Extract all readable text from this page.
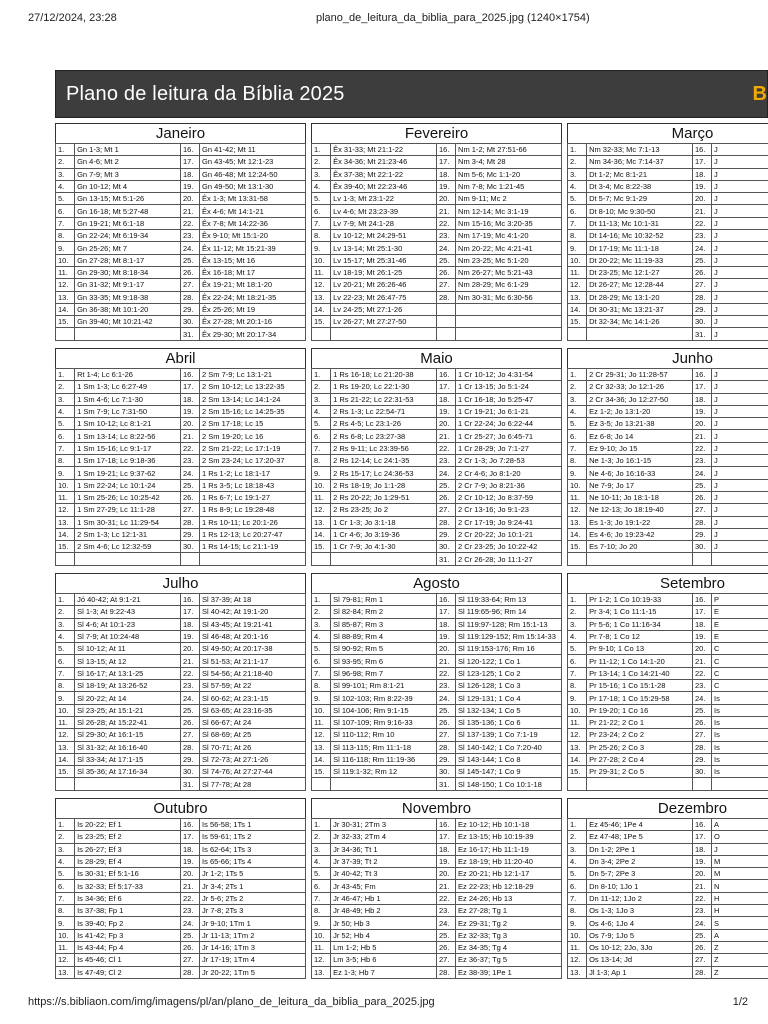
27/12/2024, 23:28	plano_de_leitura_da_biblia_para_2025.jpg (1240×1754)
Plano de leitura da Bíblia 2025	B
Janeiro
1.	Gn 1-3; Mt 1	16.	Gn 41-42; Mt 11
2.	Gn 4-6; Mt 2	17.	Gn 43-45; Mt 12:1-23
3.	Gn 7-9; Mt 3	18.	Gn 46-48; Mt 12:24-50
4.	Gn 10-12; Mt 4	19.	Gn 49-50; Mt 13:1-30
5.	Gn 13-15; Mt 5:1-26	20.	Êx 1-3; Mt 13:31-58
6.	Gn 16-18; Mt 5:27-48	21.	Êx 4-6; Mt 14:1-21
7.	Gn 19-21; Mt 6:1-18	22.	Êx 7-8; Mt 14:22-36
8.	Gn 22-24; Mt 6:19-34	23.	Êx 9-10; Mt 15:1-20
9.	Gn 25-26; Mt 7	24.	Êx 11-12; Mt 15:21-39
10.	Gn 27-28; Mt 8:1-17	25.	Êx 13-15; Mt 16
11.	Gn 29-30; Mt 8:18-34	26.	Êx 16-18; Mt 17
12.	Gn 31-32; Mt 9:1-17	27.	Êx 19-21; Mt 18:1-20
13.	Gn 33-35; Mt 9:18-38	28.	Êx 22-24; Mt 18:21-35
14.	Gn 36-38; Mt 10:1-20	29.	Êx 25-26; Mt 19
15.	Gn 39-40; Mt 10:21-42	30.	Êx 27-28; Mt 20:1-16
		31.	Êx 29-30; Mt 20:17-34
Fevereiro
1.	Êx 31-33; Mt 21:1-22	16.	Nm 1-2; Mt 27:51-66
2.	Êx 34-36; Mt 21:23-46	17.	Nm 3-4; Mt 28
3.	Êx 37-38; Mt 22:1-22	18.	Nm 5-6; Mc 1:1-20
4.	Êx 39-40; Mt 22:23-46	19.	Nm 7-8; Mc 1:21-45
5.	Lv 1-3; Mt 23:1-22	20.	Nm 9-11; Mc 2
6.	Lv 4-6; Mt 23:23-39	21.	Nm 12-14; Mc 3:1-19
7.	Lv 7-9; Mt 24:1-28	22.	Nm 15-16; Mc 3:20-35
8.	Lv 10-12; Mt 24:29-51	23.	Nm 17-19; Mc 4:1-20
9.	Lv 13-14; Mt 25:1-30	24.	Nm 20-22; Mc 4:21-41
10.	Lv 15-17; Mt 25:31-46	25.	Nm 23-25; Mc 5:1-20
11.	Lv 18-19; Mt 26:1-25	26.	Nm 26-27; Mc 5:21-43
12.	Lv 20-21; Mt 26:26-46	27.	Nm 28-29; Mc 6:1-29
13.	Lv 22-23; Mt 26:47-75	28.	Nm 30-31; Mc 6:30-56
14.	Lv 24-25; Mt 27:1-26		
15.	Lv 26-27; Mt 27:27-50		

Março
1.	Nm 32-33; Mc 7:1-13	16.	J
2.	Nm 34-36; Mc 7:14-37	17.	J
3.	Dt 1-2; Mc 8:1-21	18.	J
4.	Dt 3-4; Mc 8:22-38	19.	J
5.	Dt 5-7; Mc 9:1-29	20.	J
6.	Dt 8-10; Mc 9:30-50	21.	J
7.	Dt 11-13; Mc 10:1-31	22.	J
8.	Dt 14-16; Mc 10:32-52	23.	J
9.	Dt 17-19; Mc 11:1-18	24.	J
10.	Dt 20-22; Mc 11:19-33	25.	J
11.	Dt 23-25; Mc 12:1-27	26.	J
12.	Dt 26-27; Mc 12:28-44	27.	J
13.	Dt 28-29; Mc 13:1-20	28.	J
14.	Dt 30-31; Mc 13:21-37	29.	J
15.	Dt 32-34; Mc 14:1-26	30.	J
		31.	J
Abril
1.	Rt 1-4; Lc 6:1-26	16.	2 Sm 7-9; Lc 13:1-21
2.	1 Sm 1-3; Lc 6:27-49	17.	2 Sm 10-12; Lc 13:22-35
3.	1 Sm 4-6; Lc 7:1-30	18.	2 Sm 13-14; Lc 14:1-24
4.	1 Sm 7-9; Lc 7:31-50	19.	2 Sm 15-16; Lc 14:25-35
5.	1 Sm 10-12; Lc 8:1-21	20.	2 Sm 17-18; Lc 15
6.	1 Sm 13-14; Lc 8:22-56	21.	2 Sm 19-20; Lc 16
7.	1 Sm 15-16; Lc 9:1-17	22.	2 Sm 21-22; Lc 17:1-19
8.	1 Sm 17-18; Lc 9:18-36	23.	2 Sm 23-24; Lc 17:20-37
9.	1 Sm 19-21; Lc 9:37-62	24.	1 Rs 1-2; Lc 18:1-17
10.	1 Sm 22-24; Lc 10:1-24	25.	1 Rs 3-5; Lc 18:18-43
11.	1 Sm 25-26; Lc 10:25-42	26.	1 Rs 6-7; Lc 19:1-27
12.	1 Sm 27-29; Lc 11:1-28	27.	1 Rs 8-9; Lc 19:28-48
13.	1 Sm 30-31; Lc 11:29-54	28.	1 Rs 10-11; Lc 20:1-26
14.	2 Sm 1-3; Lc 12:1-31	29.	1 Rs 12-13; Lc 20:27-47
15.	2 Sm 4-6; Lc 12:32-59	30.	1 Rs 14-15; Lc 21:1-19

Maio
1.	1 Rs 16-18; Lc 21:20-38	16.	1 Cr 10-12; Jo 4:31-54
2.	1 Rs 19-20; Lc 22:1-30	17.	1 Cr 13-15; Jo 5:1-24
3.	1 Rs 21-22; Lc 22:31-53	18.	1 Cr 16-18; Jo 5:25-47
4.	2 Rs 1-3; Lc 22:54-71	19.	1 Cr 19-21; Jo 6:1-21
5.	2 Rs 4-5; Lc 23:1-26	20.	1 Cr 22-24; Jo 6:22-44
6.	2 Rs 6-8; Lc 23:27-38	21.	1 Cr 25-27; Jo 6:45-71
7.	2 Rs 9-11; Lc 23:39-56	22.	1 Cr 28-29; Jo 7:1-27
8.	2 Rs 12-14; Lc 24:1-35	23.	2 Cr 1-3; Jo 7:28-53
9.	2 Rs 15-17; Lc 24:36-53	24.	2 Cr 4-6; Jo 8:1-20
10.	2 Rs 18-19; Jo 1:1-28	25.	2 Cr 7-9; Jo 8:21-36
11.	2 Rs 20-22; Jo 1:29-51	26.	2 Cr 10-12; Jo 8:37-59
12.	2 Rs 23-25; Jo 2	27.	2 Cr 13-16; Jo 9:1-23
13.	1 Cr 1-3; Jo 3:1-18	28.	2 Cr 17-19; Jo 9:24-41
14.	1 Cr 4-6; Jo 3:19-36	29.	2 Cr 20-22; Jo 10:1-21
15.	1 Cr 7-9; Jo 4:1-30	30.	2 Cr 23-25; Jo 10:22-42
		31.	2 Cr 26-28; Jo 11:1-27
Junho
1.	2 Cr 29-31; Jo 11:28-57	16.	J
2.	2 Cr 32-33; Jo 12:1-26	17.	J
3.	2 Cr 34-36; Jo 12:27-50	18.	J
4.	Ez 1-2; Jo 13:1-20	19.	J
5.	Ez 3-5; Jo 13:21-38	20.	J
6.	Ez 6-8; Jo 14	21.	J
7.	Ez 9-10; Jo 15	22.	J
8.	Ne 1-3; Jo 16:1-15	23.	J
9.	Ne 4-6; Jo 16:16-33	24.	J
10.	Ne 7-9; Jo 17	25.	J
11.	Ne 10-11; Jo 18:1-18	26.	J
12.	Ne 12-13; Jo 18:19-40	27.	J
13.	Es 1-3; Jo 19:1-22	28.	J
14.	Es 4-6; Jo 19:23-42	29.	J
15.	Es 7-10; Jo 20	30.	J

Julho
1.	Jó 40-42; At 9:1-21	16.	Sl 37-39; At 18
2.	Sl 1-3; At 9:22-43	17.	Sl 40-42; At 19:1-20
3.	Sl 4-6; At 10:1-23	18.	Sl 43-45; At 19:21-41
4.	Sl 7-9; At 10:24-48	19.	Sl 46-48; At 20:1-16
5.	Sl 10-12; At 11	20.	Sl 49-50; At 20:17-38
6.	Sl 13-15; At 12	21.	Sl 51-53; At 21:1-17
7.	Sl 16-17; At 13:1-25	22.	Sl 54-56; At 21:18-40
8.	Sl 18-19; At 13:26-52	23.	Sl 57-59; At 22
9.	Sl 20-22; At 14	24.	Sl 60-62; At 23:1-15
10.	Sl 23-25; At 15:1-21	25.	Sl 63-65; At 23:16-35
11.	Sl 26-28; At 15:22-41	26.	Sl 66-67; At 24
12.	Sl 29-30; At 16:1-15	27.	Sl 68-69; At 25
13.	Sl 31-32; At 16:16-40	28.	Sl 70-71; At 26
14.	Sl 33-34; At 17:1-15	29.	Sl 72-73; At 27:1-26
15.	Sl 35-36; At 17:16-34	30.	Sl 74-76; At 27:27-44
		31.	Sl 77-78; At 28
Agosto
1.	Sl 79-81; Rm 1	16.	Sl 119:33-64; Rm 13
2.	Sl 82-84; Rm 2	17.	Sl 119:65-96; Rm 14
3.	Sl 85-87; Rm 3	18.	Sl 119:97-128; Rm 15:1-13
4.	Sl 88-89; Rm 4	19.	Sl 119:129-152; Rm 15:14-33
5.	Sl 90-92; Rm 5	20.	Sl 119:153-176; Rm 16
6.	Sl 93-95; Rm 6	21.	Sl 120-122; 1 Co 1
7.	Sl 96-98; Rm 7	22.	Sl 123-125; 1 Co 2
8.	Sl 99-101; Rm 8:1-21	23.	Sl 126-128; 1 Co 3
9.	Sl 102-103; Rm 8:22-39	24.	Sl 129-131; 1 Co 4
10.	Sl 104-106; Rm 9:1-15	25.	Sl 132-134; 1 Co 5
11.	Sl 107-109; Rm 9:16-33	26.	Sl 135-136; 1 Co 6
12.	Sl 110-112; Rm 10	27.	Sl 137-139; 1 Co 7:1-19
13.	Sl 113-115; Rm 11:1-18	28.	Sl 140-142; 1 Co 7:20-40
14.	Sl 116-118; Rm 11:19-36	29.	Sl 143-144; 1 Co 8
15.	Sl 119:1-32; Rm 12	30.	Sl 145-147; 1 Co 9
		31.	Sl 148-150; 1 Co 10:1-18
Setembro
1.	Pr 1-2; 1 Co 10:19-33	16.	P
2.	Pr 3-4; 1 Co 11:1-15	17.	E
3.	Pr 5-6; 1 Co 11:16-34	18.	E
4.	Pr 7-8; 1 Co 12	19.	E
5.	Pr 9-10; 1 Co 13	20.	C
6.	Pr 11-12; 1 Co 14:1-20	21.	C
7.	Pr 13-14; 1 Co 14:21-40	22.	C
8.	Pr 15-16; 1 Co 15:1-28	23.	C
9.	Pr 17-18; 1 Co 15:29-58	24.	Is
10.	Pr 19-20; 1 Co 16	25.	Is
11.	Pr 21-22; 2 Co 1	26.	Is
12.	Pr 23-24; 2 Co 2	27.	Is
13.	Pr 25-26; 2 Co 3	28.	Is
14.	Pr 27-28; 2 Co 4	29.	Is
15.	Pr 29-31; 2 Co 5	30.	Is

Outubro
1.	Is 20-22; Ef 1	16.	Is 56-58; 1Ts 1
2.	Is 23-25; Ef 2	17.	Is 59-61; 1Ts 2
3.	Is 26-27; Ef 3	18.	Is 62-64; 1Ts 3
4.	Is 28-29; Ef 4	19.	Is 65-66; 1Ts 4
5.	Is 30-31; Ef 5:1-16	20.	Jr 1-2; 1Ts 5
6.	Is 32-33; Ef 5:17-33	21.	Jr 3-4; 2Ts 1
7.	Is 34-36; Ef 6	22.	Jr 5-6; 2Ts 2
8.	Is 37-38; Fp 1	23.	Jr 7-8; 2Ts 3
9.	Is 39-40; Fp 2	24.	Jr 9-10; 1Tm 1
10.	Is 41-42; Fp 3	25.	Jr 11-13; 1Tm 2
11.	Is 43-44; Fp 4	26.	Jr 14-16; 1Tm 3
12.	Is 45-46; Cl 1	27.	Jr 17-19; 1Tm 4
13.	Is 47-49; Cl 2	28.	Jr 20-22; 1Tm 5
Novembro
1.	Jr 30-31; 2Tm 3	16.	Ez 10-12; Hb 10:1-18
2.	Jr 32-33; 2Tm 4	17.	Ez 13-15; Hb 10:19-39
3.	Jr 34-36; Tt 1	18.	Ez 16-17; Hb 11:1-19
4.	Jr 37-39; Tt 2	19.	Ez 18-19; Hb 11:20-40
5.	Jr 40-42; Tt 3	20.	Ez 20-21; Hb 12:1-17
6.	Jr 43-45; Fm	21.	Ez 22-23; Hb 12:18-29
7.	Jr 46-47; Hb 1	22.	Ez 24-26; Hb 13
8.	Jr 48-49; Hb 2	23.	Ez 27-28; Tg 1
9.	Jr 50; Hb 3	24.	Ez 29-31; Tg 2
10.	Jr 52; Hb 4	25.	Ez 32-33; Tg 3
11.	Lm 1-2; Hb 5	26.	Ez 34-35; Tg 4
12.	Lm 3-5; Hb 6	27.	Ez 36-37; Tg 5
13.	Ez 1-3; Hb 7	28.	Ez 38-39; 1Pe 1
Dezembro
1.	Ez 45-46; 1Pe 4	16.	A
2.	Ez 47-48; 1Pe 5	17.	O
3.	Dn 1-2; 2Pe 1	18.	J
4.	Dn 3-4; 2Pe 2	19.	M
5.	Dn 5-7; 2Pe 3	20.	M
6.	Dn 8-10; 1Jo 1	21.	N
7.	Dn 11-12; 1Jo 2	22.	H
8.	Os 1-3; 1Jo 3	23.	H
9.	Os 4-6; 1Jo 4	24.	S
10.	Os 7-9; 1Jo 5	25.	A
11.	Os 10-12; 2Jo, 3Jo	26.	Z
12.	Os 13-14; Jd	27.	Z
13.	Jl 1-3; Ap 1	28.	Z
https://s.bibliaon.com/img/imagens/pl/an/plano_de_leitura_da_biblia_para_2025.jpg	1/2
